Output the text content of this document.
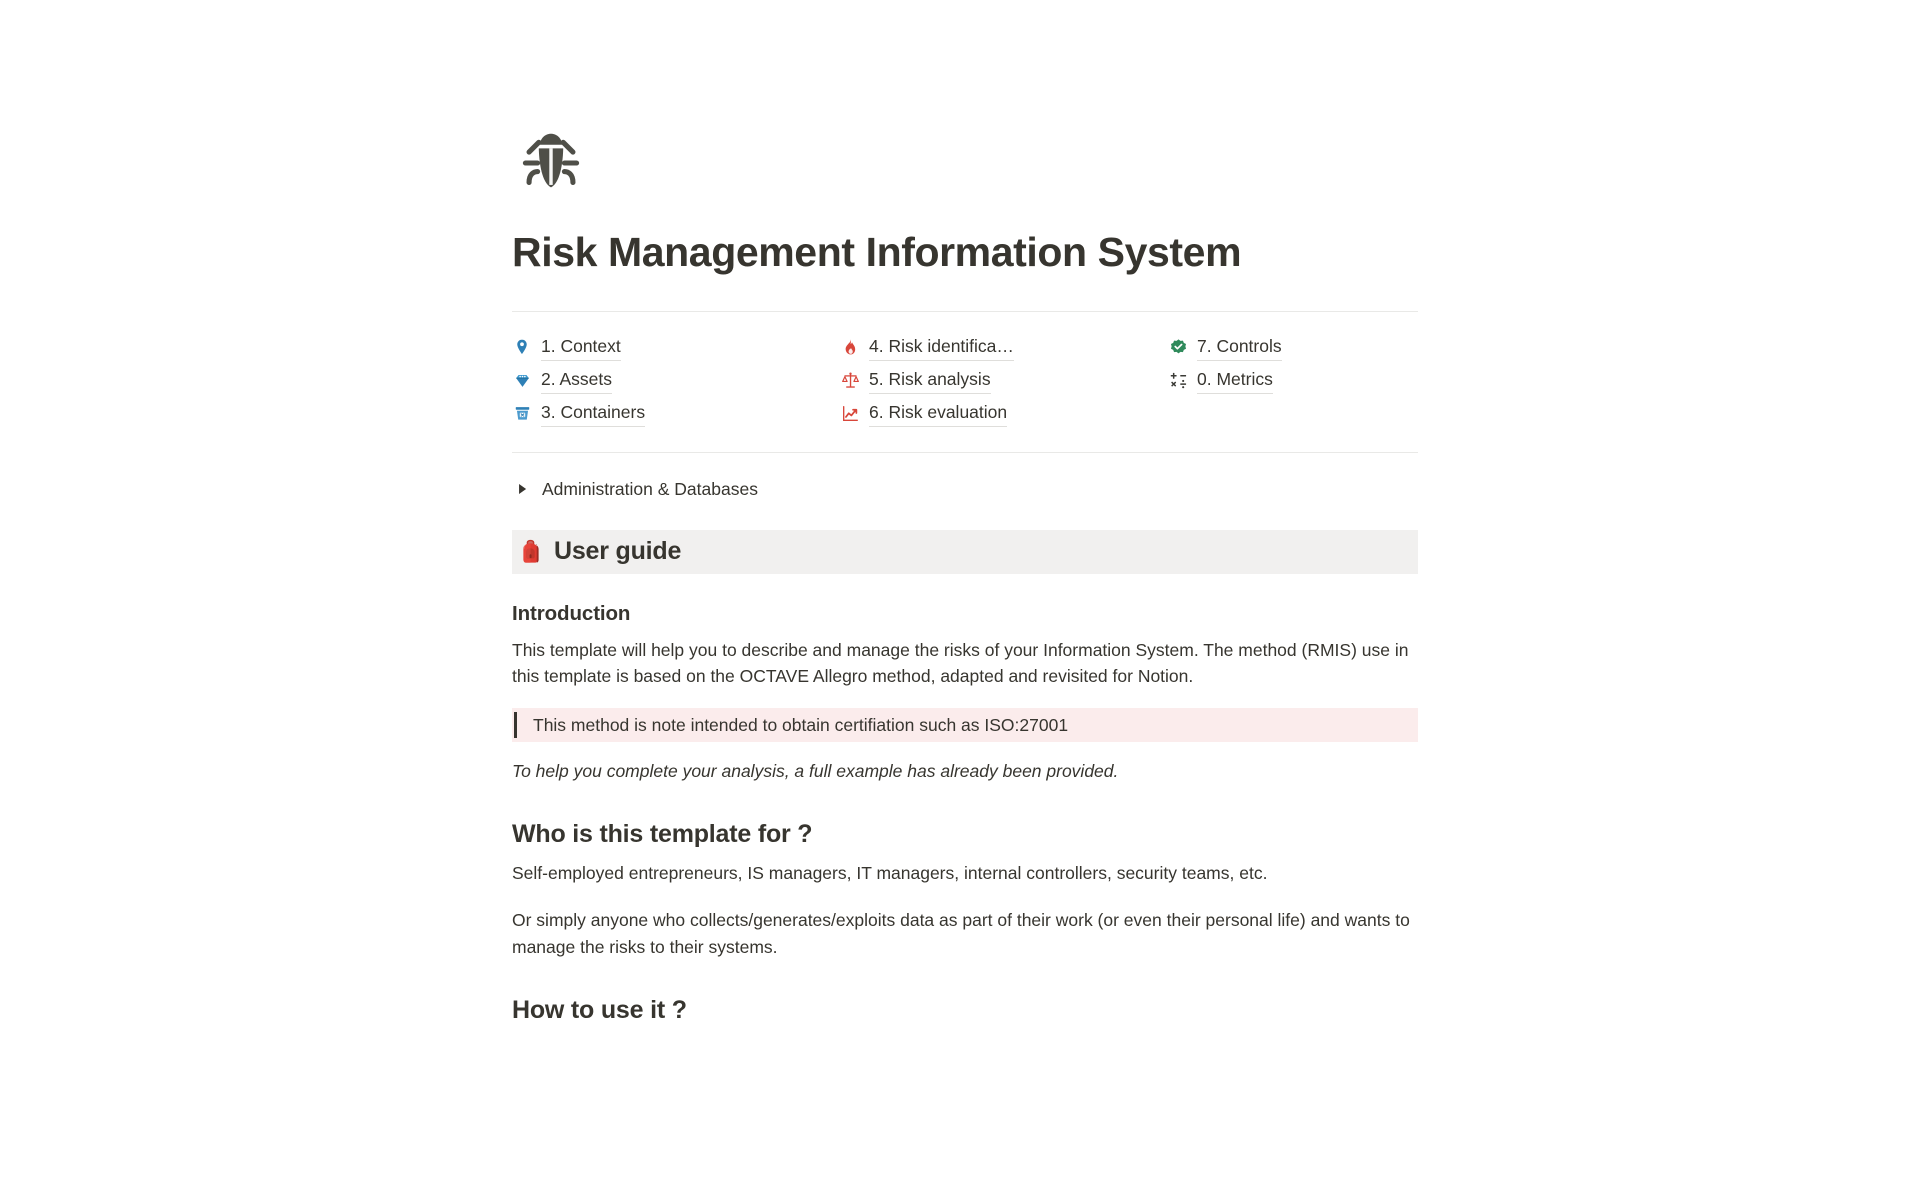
Risk Management Information System
1. Context
2. Assets
3. Containers
4. Risk identifica…
5. Risk analysis
6. Risk evaluation
7. Controls
0. Metrics
Administration & Databases
User guide
Introduction

This template will help you to describe and manage the risks of your Information System. The method (RMIS) use in this template is based on the OCTAVE Allegro method, adapted and revisited for Notion.

This method is note intended to obtain certifiation such as ISO:27001

To help you complete your analysis, a full example has already been provided.

Who is this template for ?

Self-employed entrepreneurs, IS managers, IT managers, internal controllers, security teams, etc.

Or simply anyone who collects/generates/exploits data as part of their work (or even their personal life) and wants to manage the risks to their systems.

How to use it ?
